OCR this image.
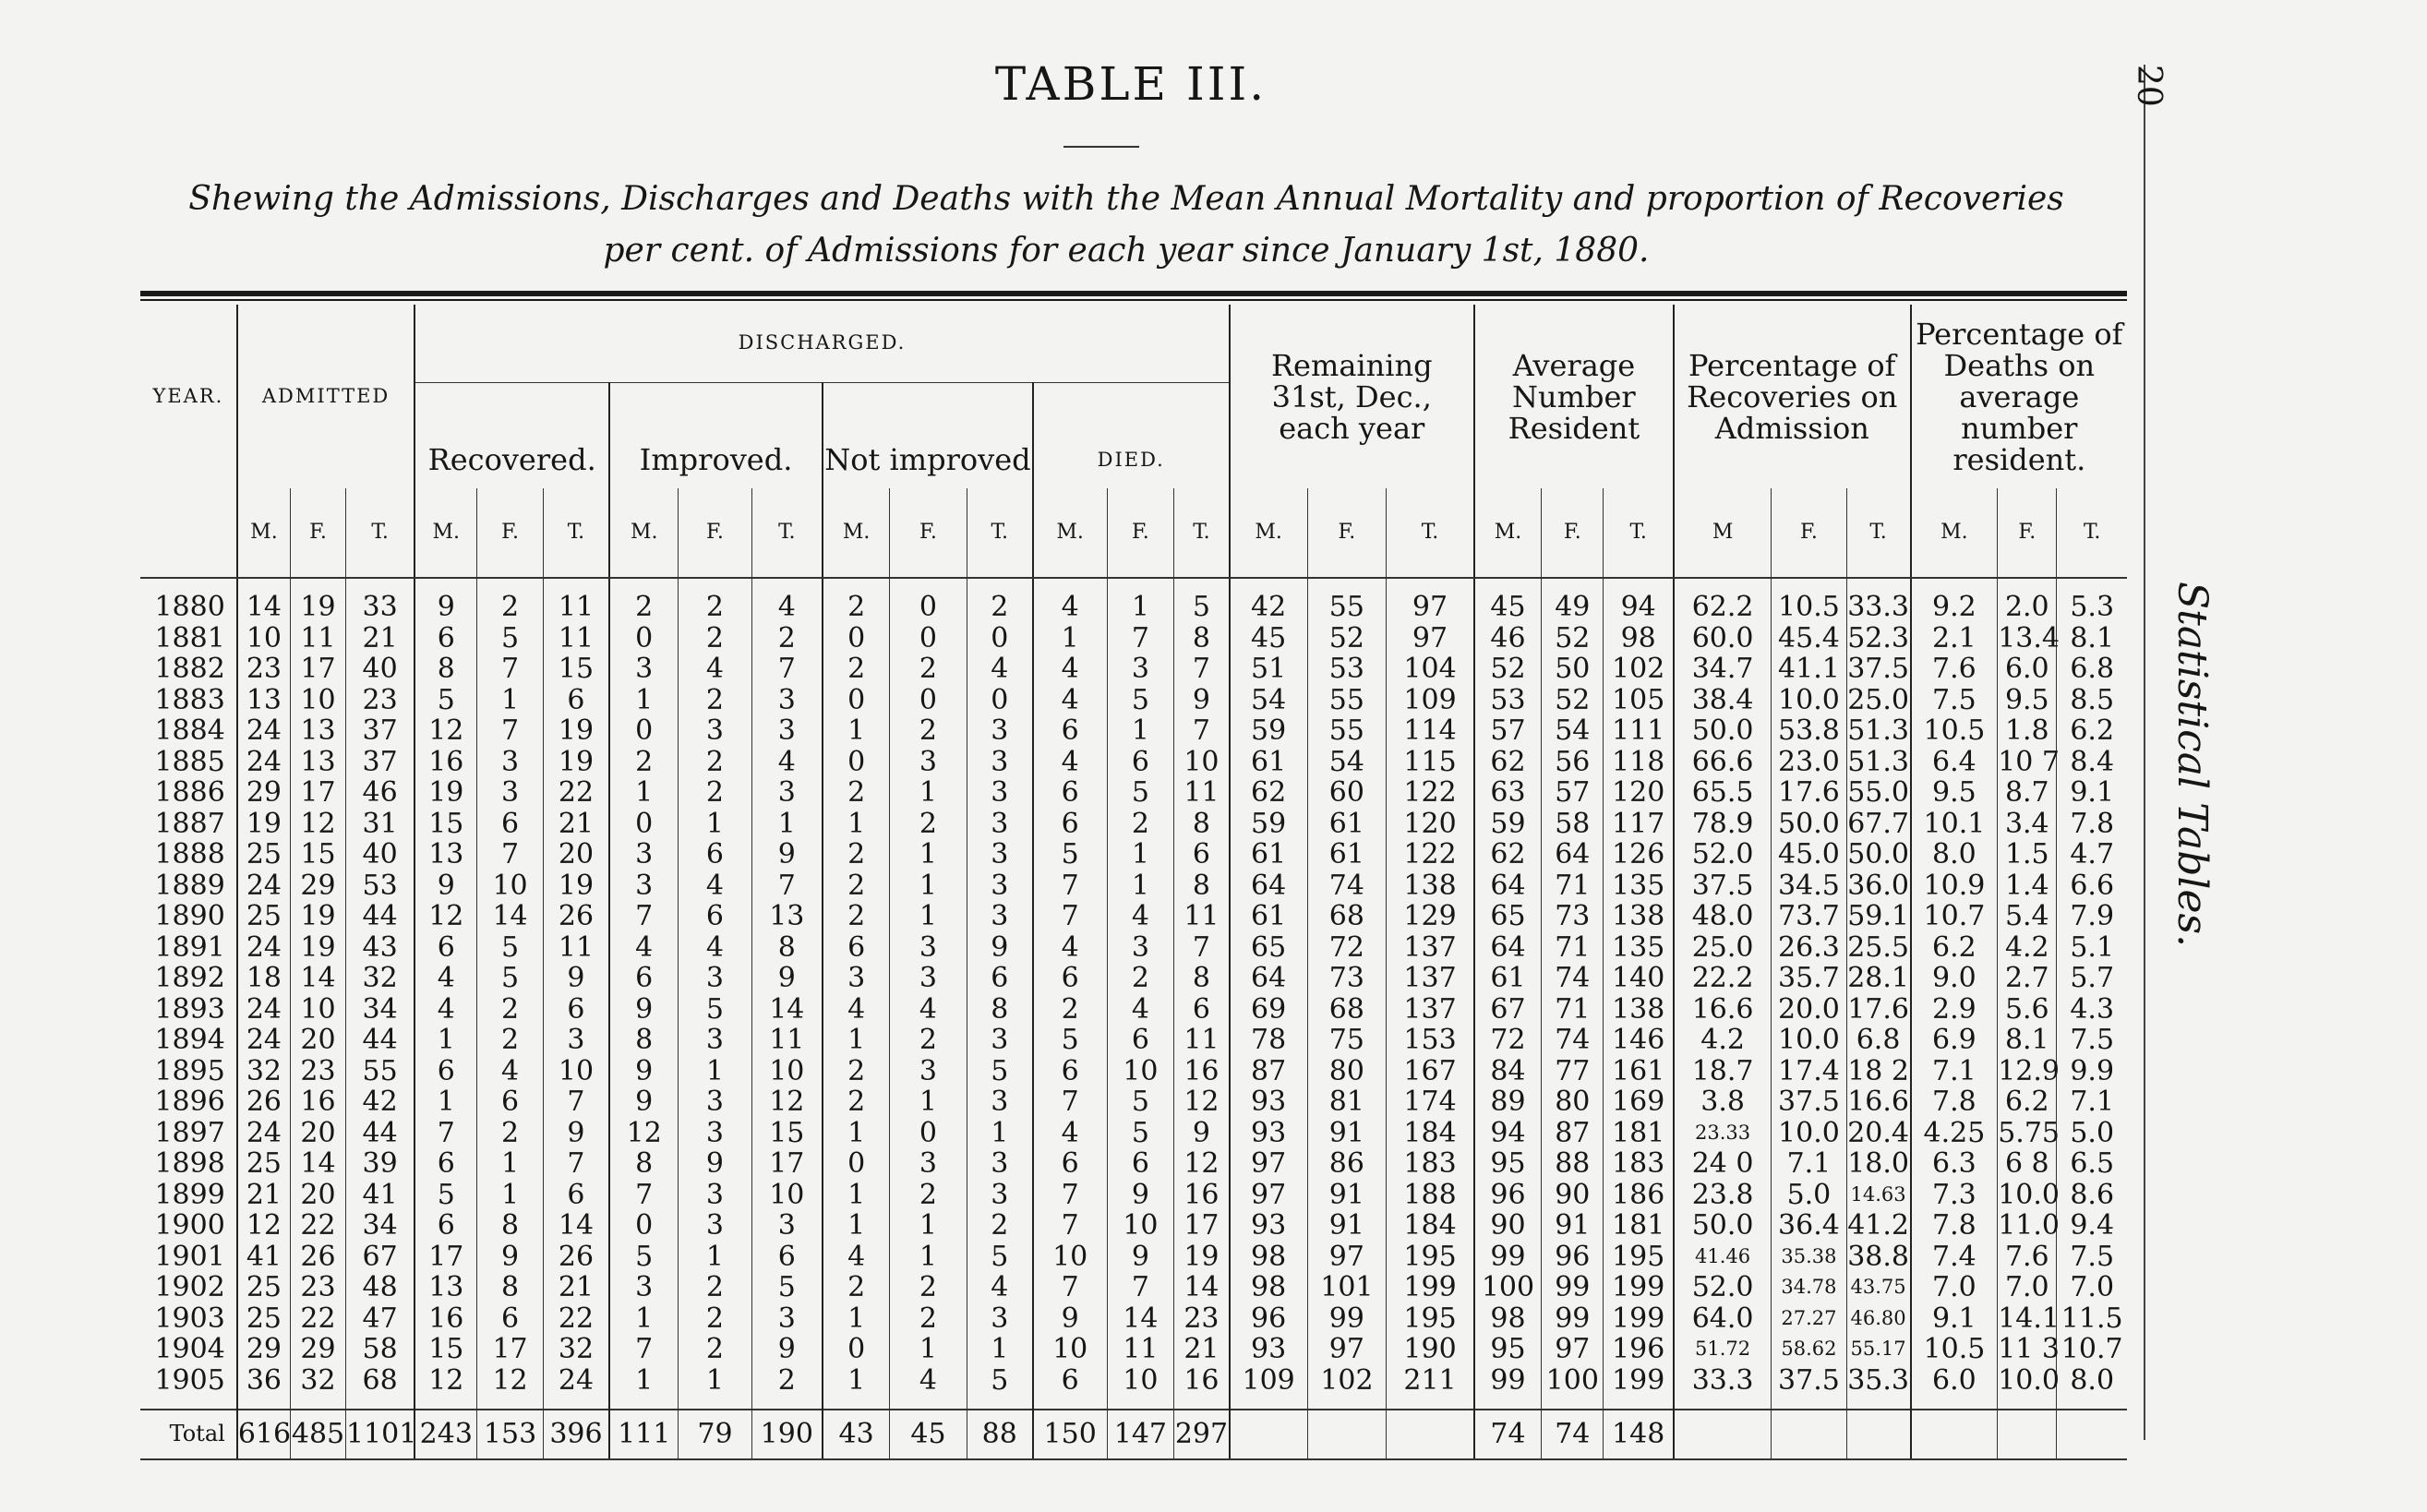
20
Statistical Tables.
TABLE III.
Shewing the Admissions, Discharges and Deaths with the Mean Annual Mortality and proportion of Recoveries
per cent. of Admissions for each year since January 1st, 1880.
YEAR.	ADMITTED			DISCHARGED.												Remaining 31st, Dec., each year			Average Number Resident			Percentage of Recoveries on Admission			Percentage of Deaths on average number resident.		
				Recovered.			Improved.			Not improved			DIED.														
	M.	F.	T.	M.	F.	T.	M.	F.	T.	M.	F.	T.	M.	F.	T.	M.	F.	T.	M.	F.	T.	M	F.	T.	M.	F.	T.
1880	14	19	33	9	2	11	2	2	4	2	0	2	4	1	5	42	55	97	45	49	94	62.2	10.5	33.3	9.2	2.0	5.3
1881	10	11	21	6	5	11	0	2	2	0	0	0	1	7	8	45	52	97	46	52	98	60.0	45.4	52.3	2.1	13.4	8.1
1882	23	17	40	8	7	15	3	4	7	2	2	4	4	3	7	51	53	104	52	50	102	34.7	41.1	37.5	7.6	6.0	6.8
1883	13	10	23	5	1	6	1	2	3	0	0	0	4	5	9	54	55	109	53	52	105	38.4	10.0	25.0	7.5	9.5	8.5
1884	24	13	37	12	7	19	0	3	3	1	2	3	6	1	7	59	55	114	57	54	111	50.0	53.8	51.3	10.5	1.8	6.2
1885	24	13	37	16	3	19	2	2	4	0	3	3	4	6	10	61	54	115	62	56	118	66.6	23.0	51.3	6.4	10 7	8.4
1886	29	17	46	19	3	22	1	2	3	2	1	3	6	5	11	62	60	122	63	57	120	65.5	17.6	55.0	9.5	8.7	9.1
1887	19	12	31	15	6	21	0	1	1	1	2	3	6	2	8	59	61	120	59	58	117	78.9	50.0	67.7	10.1	3.4	7.8
1888	25	15	40	13	7	20	3	6	9	2	1	3	5	1	6	61	61	122	62	64	126	52.0	45.0	50.0	8.0	1.5	4.7
1889	24	29	53	9	10	19	3	4	7	2	1	3	7	1	8	64	74	138	64	71	135	37.5	34.5	36.0	10.9	1.4	6.6
1890	25	19	44	12	14	26	7	6	13	2	1	3	7	4	11	61	68	129	65	73	138	48.0	73.7	59.1	10.7	5.4	7.9
1891	24	19	43	6	5	11	4	4	8	6	3	9	4	3	7	65	72	137	64	71	135	25.0	26.3	25.5	6.2	4.2	5.1
1892	18	14	32	4	5	9	6	3	9	3	3	6	6	2	8	64	73	137	61	74	140	22.2	35.7	28.1	9.0	2.7	5.7
1893	24	10	34	4	2	6	9	5	14	4	4	8	2	4	6	69	68	137	67	71	138	16.6	20.0	17.6	2.9	5.6	4.3
1894	24	20	44	1	2	3	8	3	11	1	2	3	5	6	11	78	75	153	72	74	146	4.2	10.0	6.8	6.9	8.1	7.5
1895	32	23	55	6	4	10	9	1	10	2	3	5	6	10	16	87	80	167	84	77	161	18.7	17.4	18 2	7.1	12.9	9.9
1896	26	16	42	1	6	7	9	3	12	2	1	3	7	5	12	93	81	174	89	80	169	3.8	37.5	16.6	7.8	6.2	7.1
1897	24	20	44	7	2	9	12	3	15	1	0	1	4	5	9	93	91	184	94	87	181	23.33	10.0	20.4	4.25	5.75	5.0
1898	25	14	39	6	1	7	8	9	17	0	3	3	6	6	12	97	86	183	95	88	183	24 0	7.1	18.0	6.3	6 8	6.5
1899	21	20	41	5	1	6	7	3	10	1	2	3	7	9	16	97	91	188	96	90	186	23.8	5.0	14.63	7.3	10.0	8.6
1900	12	22	34	6	8	14	0	3	3	1	1	2	7	10	17	93	91	184	90	91	181	50.0	36.4	41.2	7.8	11.0	9.4
1901	41	26	67	17	9	26	5	1	6	4	1	5	10	9	19	98	97	195	99	96	195	41.46	35.38	38.8	7.4	7.6	7.5
1902	25	23	48	13	8	21	3	2	5	2	2	4	7	7	14	98	101	199	100	99	199	52.0	34.78	43.75	7.0	7.0	7.0
1903	25	22	47	16	6	22	1	2	3	1	2	3	9	14	23	96	99	195	98	99	199	64.0	27.27	46.80	9.1	14.1	11.5
1904	29	29	58	15	17	32	7	2	9	0	1	1	10	11	21	93	97	190	95	97	196	51.72	58.62	55.17	10.5	11 3	10.7
1905	36	32	68	12	12	24	1	1	2	1	4	5	6	10	16	109	102	211	99	100	199	33.3	37.5	35.3	6.0	10.0	8.0
Total	616	485	1101	243	153	396	111	79	190	43	45	88	150	147	297				74	74	148						
